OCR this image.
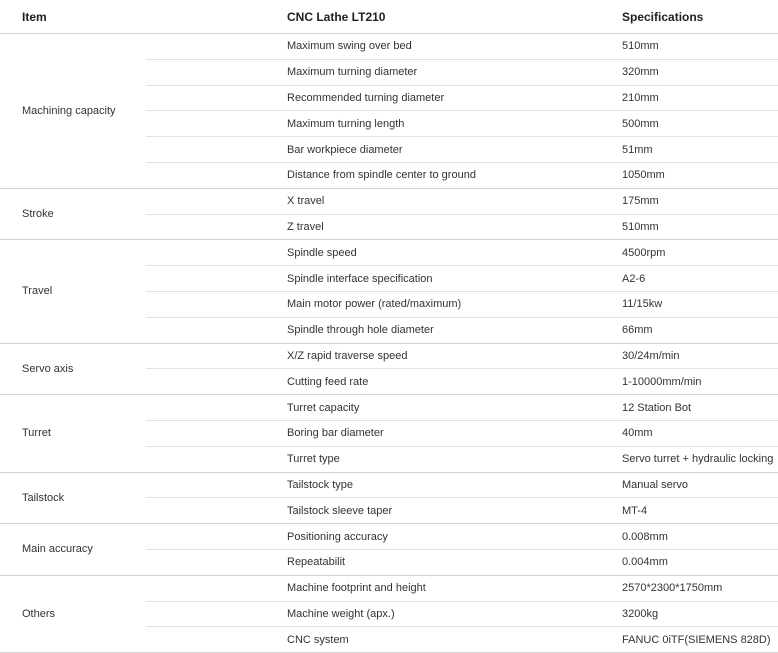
Item		CNC Lathe LT210	Specifications
Machining capacity		Maximum swing over bed	510mm
		Maximum turning diameter	320mm
		Recommended turning diameter	210mm
		Maximum turning length	500mm
		Bar workpiece diameter	51mm
		Distance from spindle center to ground	1050mm
Stroke		X travel	175mm
		Z travel	510mm
Travel		Spindle speed	4500rpm
		Spindle interface specification	A2-6
		Main motor power (rated/maximum)	11/15kw
		Spindle through hole diameter	66mm
Servo axis		X/Z rapid traverse speed	30/24m/min
		Cutting feed rate	1-10000mm/min
Turret		Turret capacity	12 Station Bot
		Boring bar diameter	40mm
		Turret type	Servo turret + hydraulic locking
Tailstock		Tailstock type	Manual servo
		Tailstock sleeve taper	MT-4
Main accuracy		Positioning accuracy	0.008mm
		Repeatabilit	0.004mm
Others		Machine footprint and height	2570*2300*1750mm
		Machine weight (apx.)	3200kg
		CNC system	FANUC 0iTF(SIEMENS 828D)
